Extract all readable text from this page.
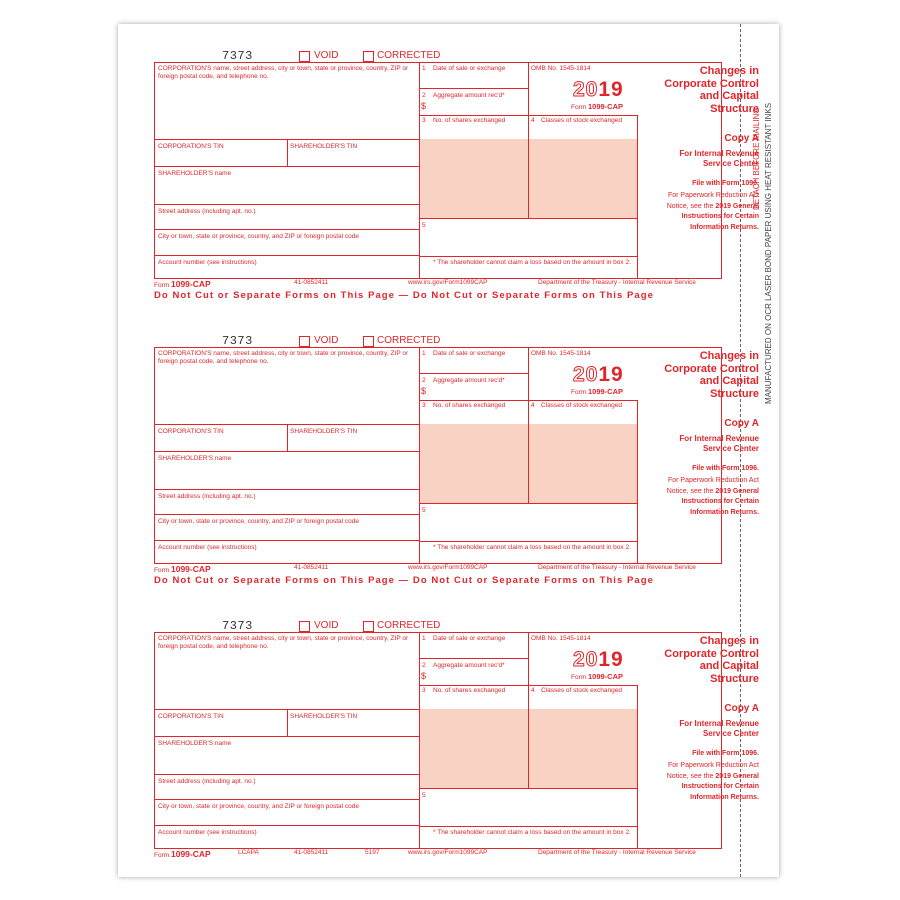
DETACH BEFORE MAILING MANUFACTURED ON OCR LASER BOND PAPER USING HEAT RESISTANT INKS
7373	VOID	CORRECTED
CORPORATION'S name, street address, city or town, state or province, country, ZIP or foreign postal code, and telephone no.
CORPORATION'S TIN	SHAREHOLDER'S TIN
SHAREHOLDER'S name
Street address (including apt. no.)
City or town, state or province, country, and ZIP or foreign postal code
Account number (see instructions)
1 Date of sale or exchange
2 Aggregate amount rec'd*
$
3 No. of shares exchanged	4 Classes of stock exchanged
5
* The shareholder cannot claim a loss based on the amount in box 2.
OMB No. 1545-1814
2019
Form 1099-CAP
Changes in Corporate Control and Capital Structure
Copy A
For Internal Revenue Service Center
File with Form 1096.
For Paperwork Reduction Act Notice, see the 2019 General Instructions for Certain Information Returns.
Form 1099-CAP	41-0852411	www.irs.gov/Form1099CAP	Department of the Treasury - Internal Revenue Service
Do Not Cut or Separate Forms on This Page — Do Not Cut or Separate Forms on This Page
7373	VOID	CORRECTED
CORPORATION'S name, street address, city or town, state or province, country, ZIP or foreign postal code, and telephone no.
CORPORATION'S TIN	SHAREHOLDER'S TIN
SHAREHOLDER'S name
Street address (including apt. no.)
City or town, state or province, country, and ZIP or foreign postal code
Account number (see instructions)
1 Date of sale or exchange
2 Aggregate amount rec'd*
$
3 No. of shares exchanged	4 Classes of stock exchanged
5
* The shareholder cannot claim a loss based on the amount in box 2.
OMB No. 1545-1814
2019
Form 1099-CAP
Changes in Corporate Control and Capital Structure
Copy A
For Internal Revenue Service Center
File with Form 1096.
For Paperwork Reduction Act Notice, see the 2019 General Instructions for Certain Information Returns.
Form 1099-CAP	41-0852411	www.irs.gov/Form1099CAP	Department of the Treasury - Internal Revenue Service
Do Not Cut or Separate Forms on This Page — Do Not Cut or Separate Forms on This Page
7373	VOID	CORRECTED
CORPORATION'S name, street address, city or town, state or province, country, ZIP or foreign postal code, and telephone no.
CORPORATION'S TIN	SHAREHOLDER'S TIN
SHAREHOLDER'S name
Street address (including apt. no.)
City or town, state or province, country, and ZIP or foreign postal code
Account number (see instructions)
1 Date of sale or exchange
2 Aggregate amount rec'd*
$
3 No. of shares exchanged	4 Classes of stock exchanged
5
* The shareholder cannot claim a loss based on the amount in box 2.
OMB No. 1545-1814
2019
Form 1099-CAP
Changes in Corporate Control and Capital Structure
Copy A
For Internal Revenue Service Center
File with Form 1096.
For Paperwork Reduction Act Notice, see the 2019 General Instructions for Certain Information Returns.
Form 1099-CAP	LCAPA	41-0852411	5197	www.irs.gov/Form1099CAP	Department of the Treasury - Internal Revenue Service
